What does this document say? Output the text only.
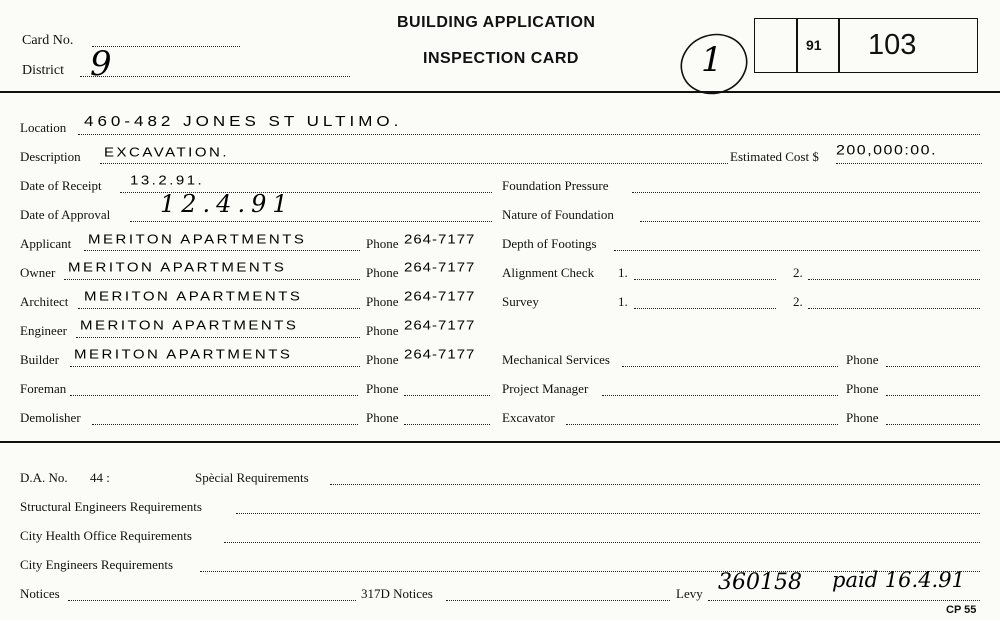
Card No.
District 9
BUILDING APPLICATION
INSPECTION CARD	1	91 103
Location 460-482 JONES ST ULTIMO.
Description EXCAVATION.	Estimated Cost $ 200,000:00.
Date of Receipt 13.2.91.	Foundation Pressure
Date of Approval 12.4.91	Nature of Foundation
Applicant MERITON APARTMENTS	Phone 264-7177 Depth of Footings
Owner MERITON APARTMENTS	Phone 264-7177 Alignment Check 1.	2.
Architect MERITON APARTMENTS	Phone 264-7177 Survey	1.	2.
Engineer MERITON APARTMENTS	Phone 264-7177
Builder MERITON APARTMENTS	Phone 264-7177 Mechanical Services	Phone
Foreman	Phone	Project Manager	Phone
Demolisher	Phone	Excavator	Phone
D.A. No. 44 :	Spècial Requirements
Structural Engineers Requirements
City Health Office Requirements
City Engineers Requirements
Notices	317D Notices	Levy 360158 paid 16.4.91
CP 55
